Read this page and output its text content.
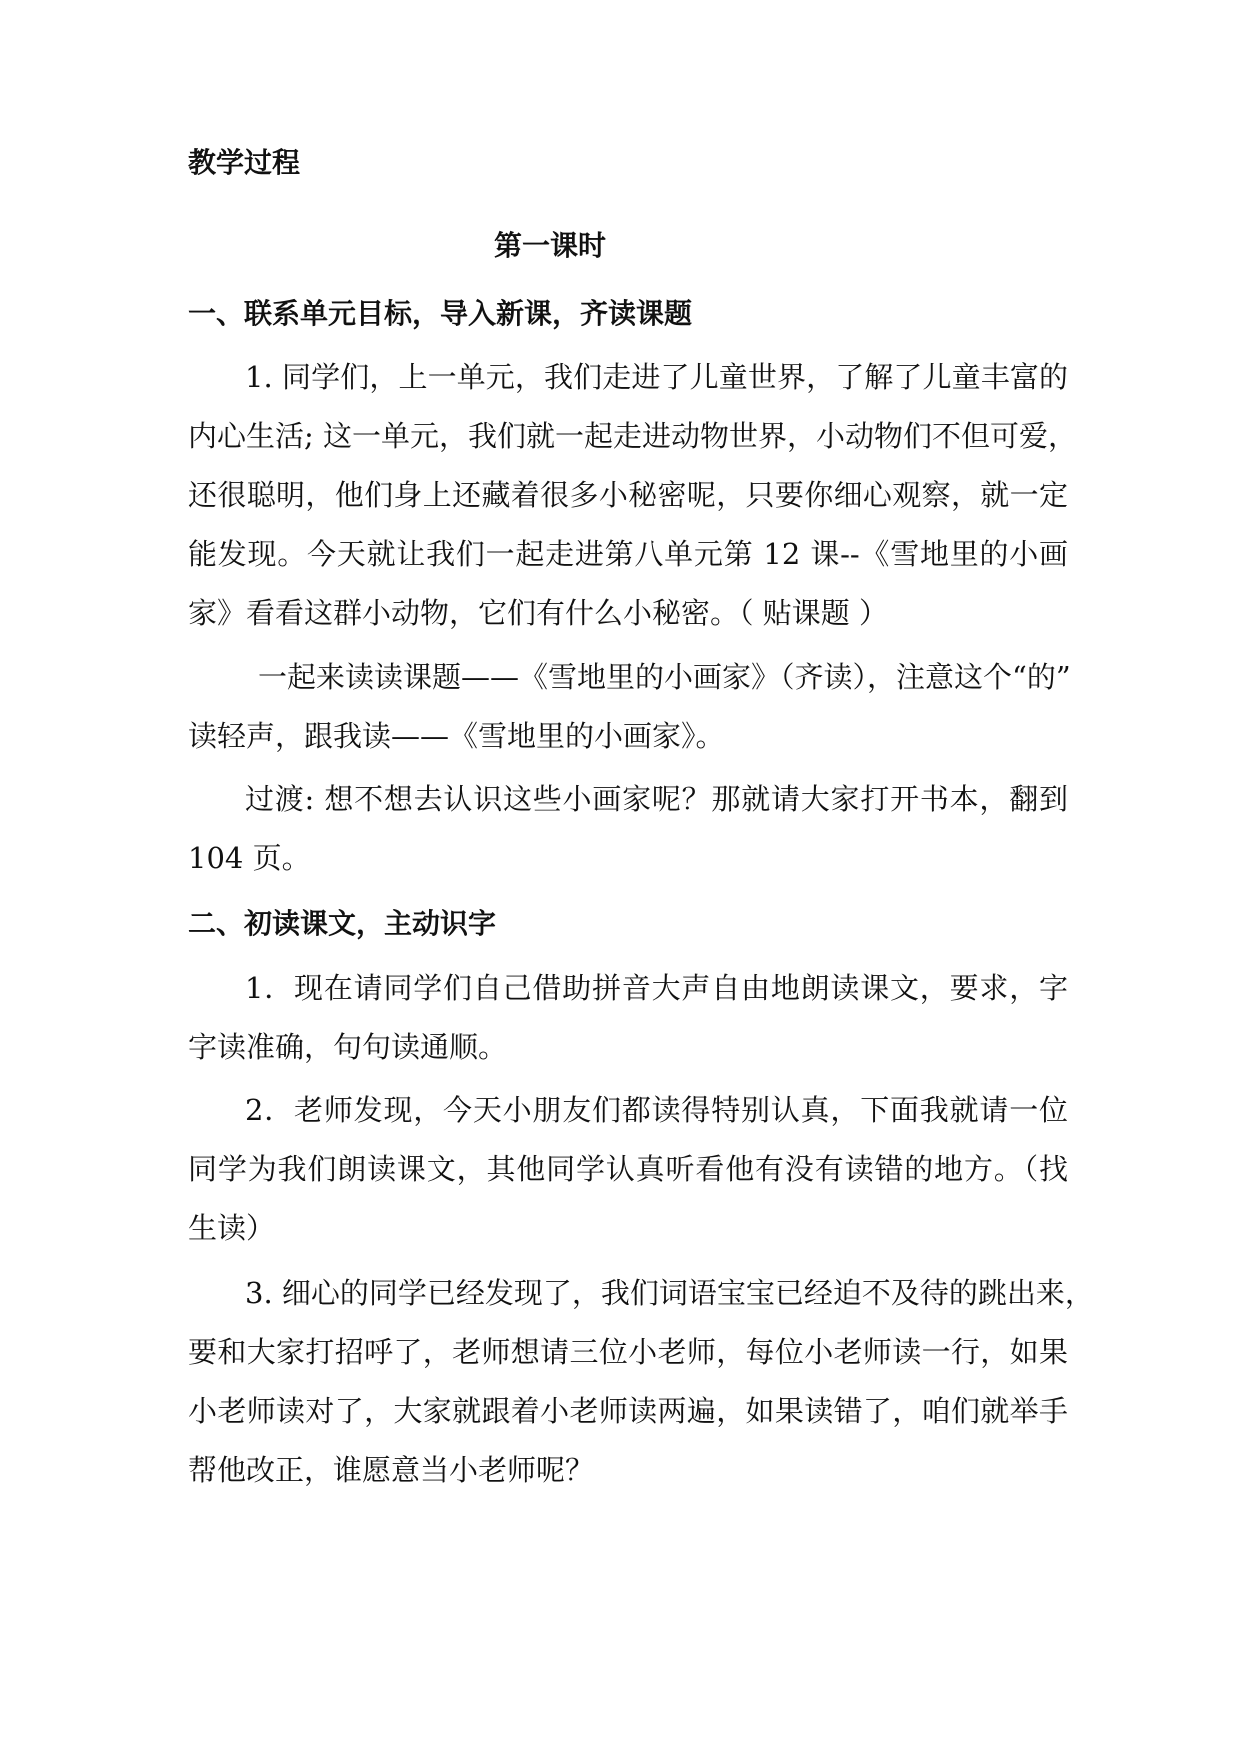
教学过程
第一课时
一、联系单元目标，导入新课，齐读课题
1. 同学们，上一单元，我们走进了儿童世界，了解了儿童丰富的
内心生活; 这一单元，我们就一起走进动物世界，小动物们不但可爱，
还很聪明，他们身上还藏着很多小秘密呢，只要你细心观察，就一定
能发现。今天就让我们一起走进第八单元第 12 课--《雪地里的小画
家》看看这群小动物，它们有什么小秘密。（ 贴课题 ）
一起来读读课题——《雪地里的小画家》（齐读），注意这个“的”
读轻声，跟我读——《雪地里的小画家》。
过渡: 想不想去认识这些小画家呢？那就请大家打开书本，翻到
104 页。
二、初读课文，主动识字
1．现在请同学们自己借助拼音大声自由地朗读课文，要求，字
字读准确，句句读通顺。
2．老师发现，今天小朋友们都读得特别认真，下面我就请一位
同学为我们朗读课文，其他同学认真听看他有没有读错的地方。（找
生读）
3. 细心的同学已经发现了，我们词语宝宝已经迫不及待的跳出来，
要和大家打招呼了，老师想请三位小老师，每位小老师读一行，如果
小老师读对了，大家就跟着小老师读两遍，如果读错了，咱们就举手
帮他改正，谁愿意当小老师呢？
